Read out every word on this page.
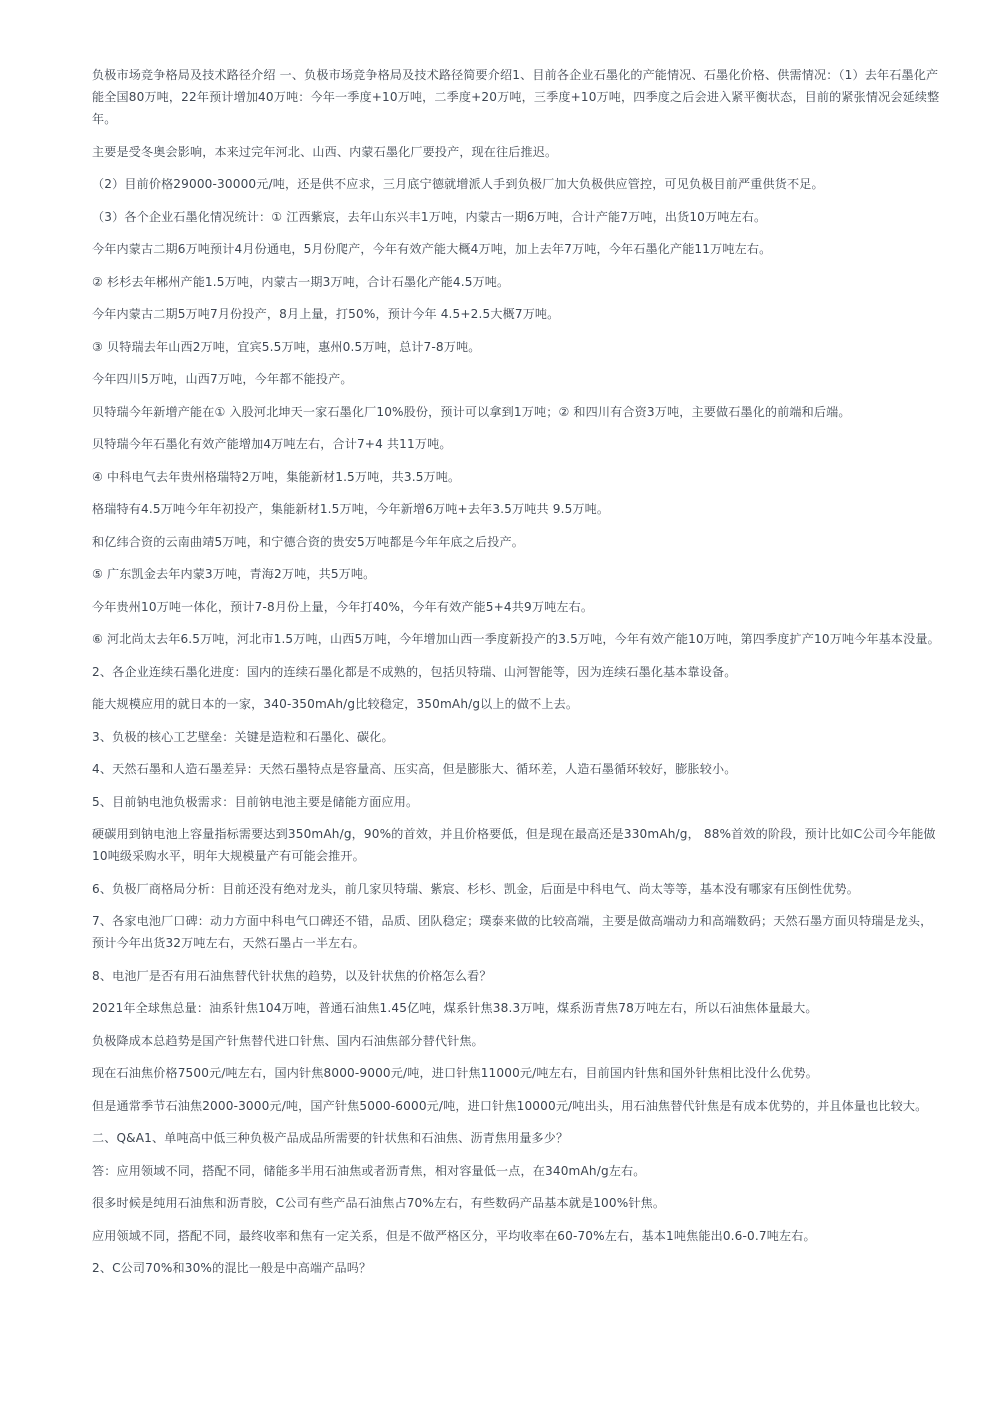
负极市场竞争格局及技术路径介绍 一、负极市场竞争格局及技术路径简要介绍1、目前各企业石墨化的产能情况、石墨化价格、供需情况：（1）去年石墨化产能全国80万吨，22年预计增加40万吨：今年一季度+10万吨，二季度+20万吨，三季度+10万吨，四季度之后会进入紧平衡状态，目前的紧张情况会延续整年。

主要是受冬奥会影响，本来过完年河北、山西、内蒙石墨化厂要投产，现在往后推迟。

（2）目前价格29000-30000元/吨，还是供不应求，三月底宁德就增派人手到负极厂加大负极供应管控，可见负极目前严重供货不足。

（3）各个企业石墨化情况统计：① 江西紫宸，去年山东兴丰1万吨，内蒙古一期6万吨，合计产能7万吨，出货10万吨左右。

今年内蒙古二期6万吨预计4月份通电，5月份爬产，今年有效产能大概4万吨，加上去年7万吨，今年石墨化产能11万吨左右。

② 杉杉去年郴州产能1.5万吨，内蒙古一期3万吨，合计石墨化产能4.5万吨。

今年内蒙古二期5万吨7月份投产，8月上量，打50%，预计今年 4.5+2.5大概7万吨。

③ 贝特瑞去年山西2万吨，宜宾5.5万吨，惠州0.5万吨，总计7-8万吨。

今年四川5万吨，山西7万吨，今年都不能投产。

贝特瑞今年新增产能在① 入股河北坤天一家石墨化厂10%股份，预计可以拿到1万吨；② 和四川有合资3万吨，主要做石墨化的前端和后端。

贝特瑞今年石墨化有效产能增加4万吨左右，合计7+4 共11万吨。

④ 中科电气去年贵州格瑞特2万吨，集能新材1.5万吨，共3.5万吨。

格瑞特有4.5万吨今年年初投产，集能新材1.5万吨，今年新增6万吨+去年3.5万吨共 9.5万吨。

和亿纬合资的云南曲靖5万吨，和宁德合资的贵安5万吨都是今年年底之后投产。

⑤ 广东凯金去年内蒙3万吨，青海2万吨，共5万吨。

今年贵州10万吨一体化，预计7-8月份上量，今年打40%，今年有效产能5+4共9万吨左右。

⑥ 河北尚太去年6.5万吨，河北市1.5万吨，山西5万吨，今年增加山西一季度新投产的3.5万吨，今年有效产能10万吨，第四季度扩产10万吨今年基本没量。

2、各企业连续石墨化进度：国内的连续石墨化都是不成熟的，包括贝特瑞、山河智能等，因为连续石墨化基本靠设备。

能大规模应用的就日本的一家，340-350mAh/g比较稳定，350mAh/g以上的做不上去。

3、负极的核心工艺壁垒：关键是造粒和石墨化、碳化。

4、天然石墨和人造石墨差异：天然石墨特点是容量高、压实高，但是膨胀大、循环差，人造石墨循环较好，膨胀较小。

5、目前钠电池负极需求：目前钠电池主要是储能方面应用。

硬碳用到钠电池上容量指标需要达到350mAh/g，90%的首效，并且价格要低，但是现在最高还是330mAh/g， 88%首效的阶段，预计比如C公司今年能做10吨级采购水平，明年大规模量产有可能会推开。

6、负极厂商格局分析：目前还没有绝对龙头，前几家贝特瑞、紫宸、杉杉、凯金，后面是中科电气、尚太等等，基本没有哪家有压倒性优势。

7、各家电池厂口碑：动力方面中科电气口碑还不错，品质、团队稳定；璞泰来做的比较高端，主要是做高端动力和高端数码；天然石墨方面贝特瑞是龙头，预计今年出货32万吨左右，天然石墨占一半左右。

8、电池厂是否有用石油焦替代针状焦的趋势，以及针状焦的价格怎么看？

2021年全球焦总量：油系针焦104万吨，普通石油焦1.45亿吨，煤系针焦38.3万吨，煤系沥青焦78万吨左右，所以石油焦体量最大。

负极降成本总趋势是国产针焦替代进口针焦、国内石油焦部分替代针焦。

现在石油焦价格7500元/吨左右，国内针焦8000-9000元/吨，进口针焦11000元/吨左右，目前国内针焦和国外针焦相比没什么优势。

但是通常季节石油焦2000-3000元/吨，国产针焦5000-6000元/吨，进口针焦10000元/吨出头，用石油焦替代针焦是有成本优势的，并且体量也比较大。

二、Q&A1、单吨高中低三种负极产品成品所需要的针状焦和石油焦、沥青焦用量多少？

答：应用领域不同，搭配不同，储能多半用石油焦或者沥青焦，相对容量低一点，在340mAh/g左右。

很多时候是纯用石油焦和沥青胶，C公司有些产品石油焦占70%左右，有些数码产品基本就是100%针焦。

应用领域不同，搭配不同，最终收率和焦有一定关系，但是不做严格区分，平均收率在60-70%左右，基本1吨焦能出0.6-0.7吨左右。

2、C公司70%和30%的混比一般是中高端产品吗？
